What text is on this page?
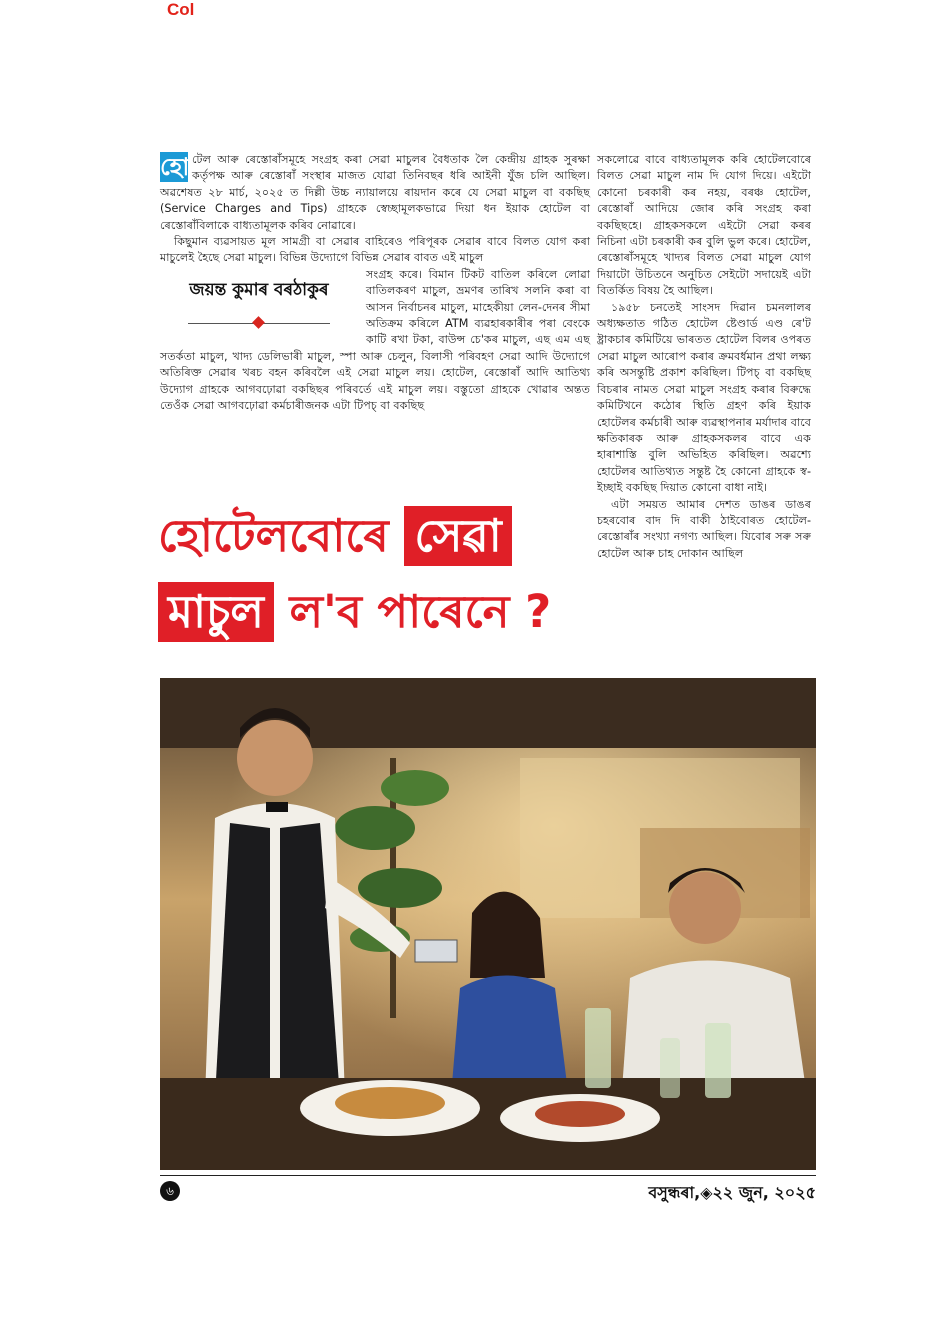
Col

হো টেল আৰু ৰেস্তোৰাঁসমূহে সংগ্ৰহ কৰা সেৱা মাচুলৰ বৈধতাক লৈ কেন্দ্ৰীয় গ্ৰাহক সুৰক্ষা কৰ্তৃপক্ষ আৰু ৰেস্তোৰাঁ সংস্থাৰ মাজত যোৱা তিনিবছৰ ধৰি আইনী যুঁজ চলি আছিল। অৱশেষত ২৮ মাৰ্চ, ২০২৫ ত দিল্লী উচ্চ ন্যায়ালয়ে ৰায়দান কৰে যে সেৱা মাচুল বা বকছিছ (Service Charges and Tips) গ্ৰাহকে স্বেচ্ছামূলকভাৱে দিয়া ধন ইয়াক হোটেল বা ৰেস্তোৰাঁবিলাকে বাধ্যতামূলক কৰিব নোৱাৰে।

কিছুমান ব্যৱসায়ত মূল সামগ্ৰী বা সেৱাৰ বাহিৰেও পৰিপূৰক সেৱাৰ বাবে বিলত যোগ কৰা মাচুলেই হৈছে সেৱা মাচুল। বিভিন্ন উদ্যোগে বিভিন্ন সেৱাৰ বাবত এই মাচুল

জয়ন্ত কুমাৰ বৰঠাকুৰ

সংগ্ৰহ কৰে। বিমান টিকট বাতিল কৰিলে লোৱা বাতিলকৰণ মাচুল, ভ্ৰমণৰ তাৰিখ সলনি কৰা বা আসন নিৰ্বাচনৰ মাচুল, মাহেকীয়া লেন-দেনৰ সীমা অতিক্ৰম কৰিলে ATM ব্যৱহাৰকাৰীৰ পৰা বেংকে কাটি ৰখা টকা, বাউন্স চে'কৰ মাচুল, এছ এম এছ সতৰ্কতা মাচুল, খাদ্য ডেলিভাৰী মাচুল, স্পা আৰু চেলুন, বিলাসী পৰিবহণ সেৱা আদি উদ্যোগে অতিৰিক্ত সেৱাৰ খৰচ বহন কৰিবলৈ এই সেৱা মাচুল লয়। হোটেল, ৰেস্তোৰাঁ আদি আতিথ্য উদ্যোগ গ্ৰাহকে আগবঢ়োৱা বকছিছৰ পৰিবৰ্তে এই মাচুল লয়। বস্তুতো গ্ৰাহকে খোৱাৰ অন্তত তেওঁক সেৱা আগবঢ়োৱা কৰ্মচাৰীজনক এটা টিপচ্ বা বকছিছ

সকলোৱে বাবে বাধ্যতামূলক কৰি হোটেলবোৰে বিলত সেৱা মাচুল নাম দি যোগ দিয়ে। এইটো কোনো চৰকাৰী কৰ নহয়, বৰঞ্চ হোটেল, ৰেস্তোৰাঁ আদিয়ে জোৰ কৰি সংগ্ৰহ কৰা বকছিছহে। গ্ৰাহকসকলে এইটো সেৱা কৰৰ নিচিনা এটা চৰকাৰী কৰ বুলি ভুল কৰে। হোটেল, ৰেস্তোৰাঁসমূহে খাদ্যৰ বিলত সেৱা মাচুল যোগ দিয়াটো উচিতনে অনুচিত সেইটো সদায়েই এটা বিতৰ্কিত বিষয় হৈ আছিল।

১৯৫৮ চনতেই সাংসদ দিৱান চমনলালৰ অধ্যক্ষতাত গঠিত হোটেল ষ্টেণ্ডাৰ্ড এণ্ড ৰে'ট ষ্ট্ৰাকচাৰ কমিটিয়ে ভাৰতত হোটেল বিলৰ ওপৰত সেৱা মাচুল আৰোপ কৰাৰ ক্ৰমবৰ্ধমান প্ৰথা লক্ষ্য কৰি অসন্তুষ্টি প্ৰকাশ কৰিছিল। টিপচ্ বা বকছিছ বিচৰাৰ নামত সেৱা মাচুল সংগ্ৰহ কৰাৰ বিৰুদ্ধে কমিটিখনে কঠোৰ স্থিতি গ্ৰহণ কৰি ইয়াক হোটেলৰ কৰ্মচাৰী আৰু ব্যৱস্থাপনাৰ মৰ্যাদাৰ বাবে ক্ষতিকাৰক আৰু গ্ৰাহকসকলৰ বাবে এক হাৰাশাস্তি বুলি অভিহিত কৰিছিল। অৱশ্যে হোটেলৰ আতিথ্যত সন্তুষ্ট হৈ কোনো গ্ৰাহকে স্ব-ইচ্ছাই বকছিছ দিয়াত কোনো বাধা নাই।

এটা সময়ত আমাৰ দেশত ডাঙৰ ডাঙৰ চহৰবোৰ বাদ দি বাকী ঠাইবোৰত হোটেল-ৰেস্তোৰাঁৰ সংখ্যা নগণ্য আছিল। যিবোৰ সৰু সৰু হোটেল আৰু চাহ দোকান আছিল

হোটেলবোৰে সেৱা
মাচুল ল'ব পাৰেনে ?
৬	বসুন্ধৰা,◈২২ জুন, ২০২৫
